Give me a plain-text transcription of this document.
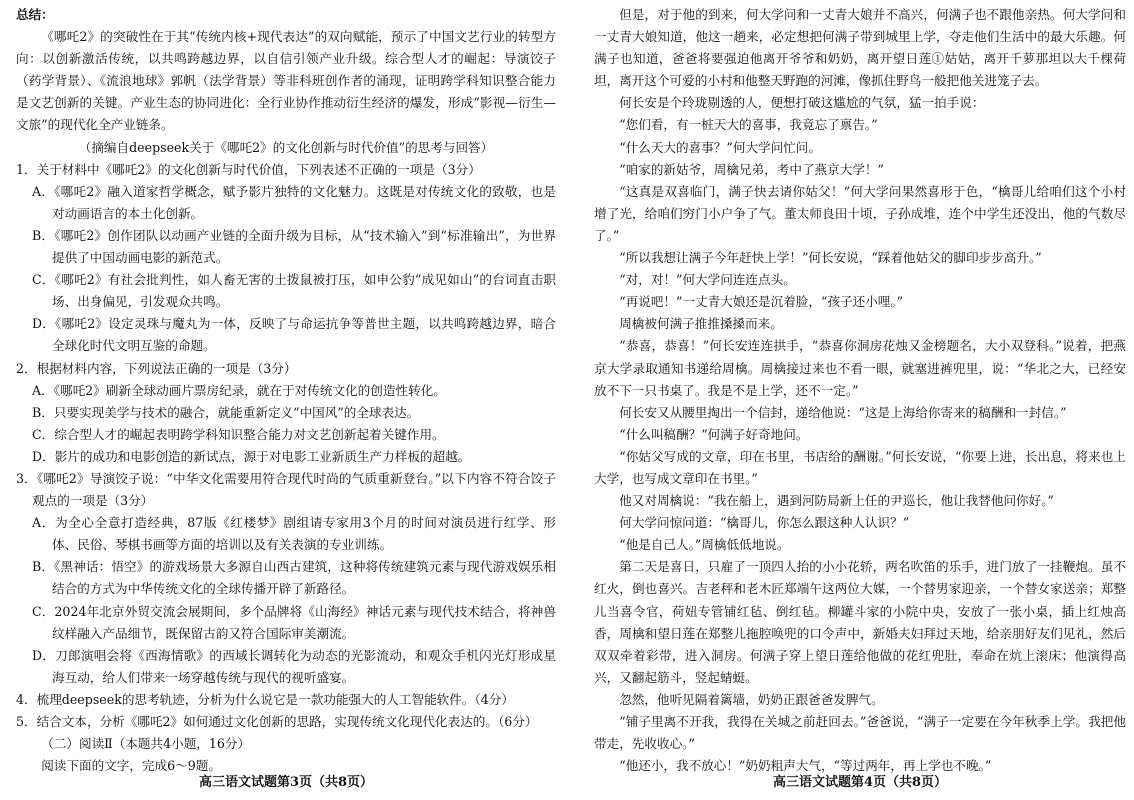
总结：

《哪吒2》的突破性在于其“传统内核+现代表达”的双向赋能，预示了中国文艺行业的转型方向：以创新激活传统，以共鸣跨越边界，以自信引领产业升级。综合型人才的崛起：导演饺子（药学背景）、《流浪地球》郭帆（法学背景）等非科班创作者的涌现，证明跨学科知识整合能力是文艺创新的关键。产业生态的协同进化：全行业协作推动衍生经济的爆发，形成“影视—衍生—文旅”的现代化全产业链条。

（摘编自deepseek关于《哪吒2》的文化创新与时代价值”的思考与回答）

1．关于材料中《哪吒2》的文化创新与时代价值，下列表述不正确的一项是（3分）

A．《哪吒2》融入道家哲学概念，赋予影片独特的文化魅力。这既是对传统文化的致敬，也是对动画语言的本土化创新。

B．《哪吒2》创作团队以动画产业链的全面升级为目标，从“技术输入”到“标准输出”，为世界提供了中国动画电影的新范式。

C．《哪吒2》有社会批判性，如人畜无害的土拨鼠被打压，如申公豹“成见如山”的台词直击职场、出身偏见，引发观众共鸣。

D．《哪吒2》设定灵珠与魔丸为一体，反映了与命运抗争等普世主题，以共鸣跨越边界，暗合全球化时代文明互鉴的命题。

2．根据材料内容，下列说法正确的一项是（3分）

A．《哪吒2》刷新全球动画片票房纪录，就在于对传统文化的创造性转化。

B．只要实现美学与技术的融合，就能重新定义“中国风”的全球表达。

C．综合型人才的崛起表明跨学科知识整合能力对文艺创新起着关键作用。

D．影片的成功和电影创造的新试点，源于对电影工业新质生产力样板的超越。

3．《哪吒2》导演饺子说：“中华文化需要用符合现代时尚的气质重新登台。”以下内容不符合饺子观点的一项是（3分）

A．为全心全意打造经典，87版《红楼梦》剧组请专家用3个月的时间对演员进行红学、形体、民俗、琴棋书画等方面的培训以及有关表演的专业训练。

B．《黑神话：悟空》的游戏场景大多源自山西古建筑，这种将传统建筑元素与现代游戏娱乐相结合的方式为中华传统文化的全球传播开辟了新路径。

C．2024年北京外贸交流会展期间，多个品牌将《山海经》神话元素与现代技术结合，将神兽纹样融入产品细节，既保留古韵又符合国际审美潮流。

D．刀郎演唱会将《西海情歌》的西域长调转化为动态的光影流动，和观众手机闪光灯形成星海互动，给人们带来一场穿越传统与现代的视听盛宴。

4．梳理deepseek的思考轨迹，分析为什么说它是一款功能强大的人工智能软件。（4分）

5．结合文本，分析《哪吒2》如何通过文化创新的思路，实现传统文化现代化表达的。（6分）

（二）阅读Ⅱ（本题共4小题，16分）

阅读下面的文字，完成6～9题。

但是，对于他的到来，何大学问和一丈青大娘并不高兴，何满子也不跟他亲热。何大学问和一丈青大娘知道，他这一趟来，必定想把何满子带到城里上学，夺走他们生活中的最大乐趣。何满子也知道，爸爸将要强迫他离开爷爷和奶奶，离开望日莲①姑姑，离开千萝那坦以大千棵荷坦，离开这个可爱的小村和他整天野跑的河滩，像抓住野鸟一般把他关进笼子去。

何长安是个玲珑剔透的人，便想打破这尴尬的气氛，猛一拍手说：

“您们看，有一桩天大的喜事，我竟忘了禀告。”

“什么天大的喜事？”何大学问忙问。

“咱家的新姑爷，周檎兄弟，考中了燕京大学！”

“这真是双喜临门，满子快去请你姑父！”何大学问果然喜形于色，“檎哥儿给咱们这个小村增了光，给咱们穷门小户争了气。董太师良田十顷，子孙成堆，连个中学生还没出，他的气数尽了。”

“所以我想让满子今年赶快上学！”何长安说，“踩着他姑父的脚印步步高升。”

“对，对！”何大学问连连点头。

“再说吧！”一丈青大娘还是沉着脸，“孩子还小哩。”

周檎被何满子推推搡搡而来。

“恭喜，恭喜！”何长安连连拱手，“恭喜你洞房花烛又金榜题名，大小双登科。”说着，把燕京大学录取通知书递给周檎。周檎接过来也不看一眼，就塞进裤兜里，说：“华北之大，已经安放不下一只书桌了。我是不是上学，还不一定。”

何长安又从腰里掏出一个信封，递给他说：“这是上海给你寄来的稿酬和一封信。”

“什么叫稿酬？”何满子好奇地问。

“你姑父写成的文章，印在书里，书店给的酬谢。”何长安说，“你要上进，长出息，将来也上大学，也写成文章印在书里。”

他又对周檎说：“我在船上，遇到河防局新上任的尹巡长，他让我替他问你好。”

何大学问惊问道：“檎哥儿，你怎么跟这种人认识？”

“他是自己人。”周檎低低地说。

第二天是喜日，只雇了一顶四人抬的小小花轿，两名吹笛的乐手，进门放了一挂鞭炮。虽不红火，倒也喜兴。吉老秤和老木匠郑端午这两位大媒，一个替男家迎亲，一个替女家送亲；郑整儿当喜令官，荷妞专管铺红毡、倒红毡。柳罐斗家的小院中央，安放了一张小桌，插上红烛高香，周檎和望日莲在郑整儿拖腔唤兜的口令声中，新婚夫妇拜过天地，给亲朋好友们见礼，然后双双牵着彩带，进入洞房。何满子穿上望日莲给他做的花红兜肚，奉命在炕上滚床；他演得高兴，又翻起筋斗，竖起蜻蜓。

忽然，他听见隔着篱墙，奶奶正跟爸爸发脾气。

“铺子里离不开我，我得在关城之前赶回去。”爸爸说，“满子一定要在今年秋季上学。我把他带走，先收收心。”

“他还小，我不放心！”奶奶粗声大气，“等过两年，再上学也不晚。”

高三语文试题第3页（共8页）	高三语文试题第4页（共8页）
